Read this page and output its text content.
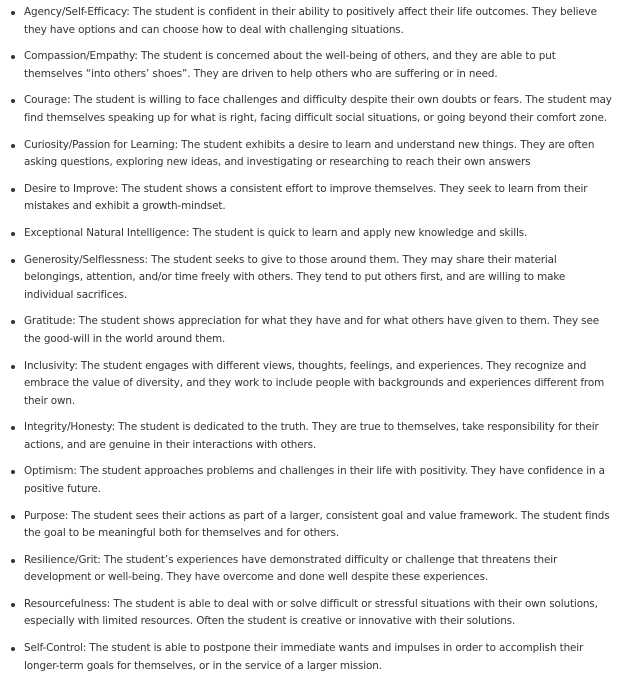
Agency/Self-Efficacy: The student is confident in their ability to positively affect their life outcomes. They believe they have options and can choose how to deal with challenging situations.
Compassion/Empathy: The student is concerned about the well-being of others, and they are able to put themselves “into others’ shoes”. They are driven to help others who are suffering or in need.
Courage: The student is willing to face challenges and difficulty despite their own doubts or fears. The student may find themselves speaking up for what is right, facing difficult social situations, or going beyond their comfort zone.
Curiosity/Passion for Learning: The student exhibits a desire to learn and understand new things. They are often asking questions, exploring new ideas, and investigating or researching to reach their own answers
Desire to Improve: The student shows a consistent effort to improve themselves. They seek to learn from their mistakes and exhibit a growth-mindset.
Exceptional Natural Intelligence: The student is quick to learn and apply new knowledge and skills.
Generosity/Selflessness: The student seeks to give to those around them. They may share their material belongings, attention, and/or time freely with others. They tend to put others first, and are willing to make individual sacrifices.
Gratitude: The student shows appreciation for what they have and for what others have given to them. They see the good-will in the world around them.
Inclusivity: The student engages with different views, thoughts, feelings, and experiences. They recognize and embrace the value of diversity, and they work to include people with backgrounds and experiences different from their own.
Integrity/Honesty: The student is dedicated to the truth. They are true to themselves, take responsibility for their actions, and are genuine in their interactions with others.
Optimism: The student approaches problems and challenges in their life with positivity. They have confidence in a positive future.
Purpose: The student sees their actions as part of a larger, consistent goal and value framework. The student finds the goal to be meaningful both for themselves and for others.
Resilience/Grit: The student’s experiences have demonstrated difficulty or challenge that threatens their development or well-being. They have overcome and done well despite these experiences.
Resourcefulness: The student is able to deal with or solve difficult or stressful situations with their own solutions, especially with limited resources. Often the student is creative or innovative with their solutions.
Self-Control: The student is able to postpone their immediate wants and impulses in order to accomplish their longer-term goals for themselves, or in the service of a larger mission.
